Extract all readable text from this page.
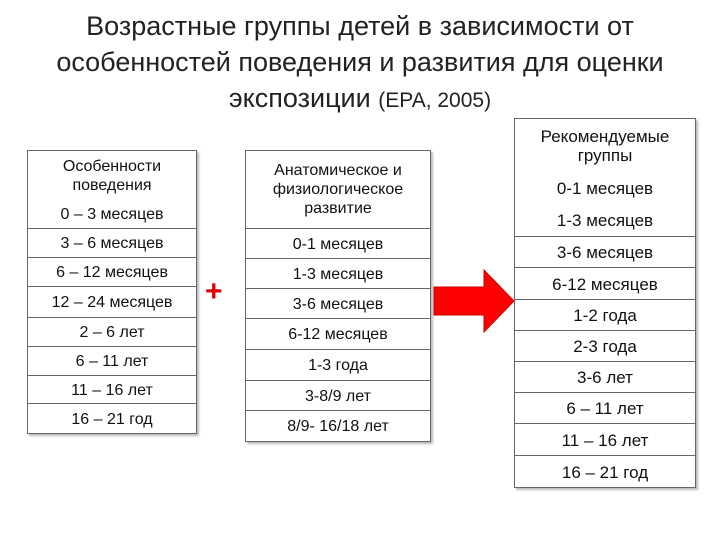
Возрастные группы детей в зависимости от
особенностей поведения и развития для оценки
экспозиции (EPA, 2005)
Особенности поведения
0 – 3 месяцев
3 – 6 месяцев
6 – 12 месяцев
12 – 24 месяцев
2 – 6 лет
6 – 11 лет
11 – 16 лет
16 – 21 год
+
Анатомическое и физиологическое развитие
0-1 месяцев
1-3 месяцев
3-6 месяцев
6-12 месяцев
1-3 года
3-8/9 лет
8/9- 16/18 лет
Рекомендуемые группы
0-1 месяцев
1-3 месяцев
3-6 месяцев
6-12 месяцев
1-2 года
2-3 года
3-6 лет
6 – 11 лет
11 – 16 лет
16 – 21 год
